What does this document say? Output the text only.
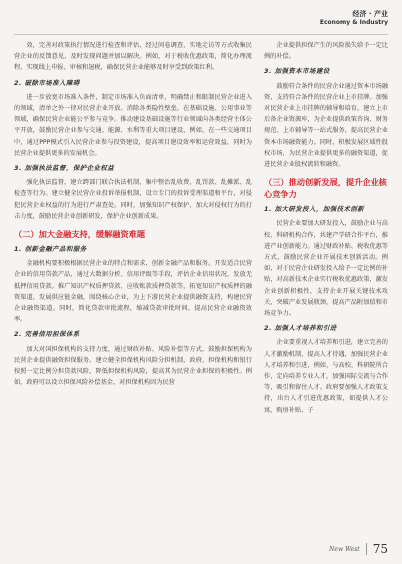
经济 · 产业
Economy & Industry

效，完善对政策执行情况进行检查和评估，经过问卷调查、实地走访等方式收集民营企业的反馈意见，及时发现问题并加以解决。例如，对于税收优惠政策，简化办理流程，实现线上申报、审核和退税，确保民营企业能够及时享受到政策红利。

2. 破除市场准入障碍

进一步放宽市场准入条件，制定市场准入负面清单，明确禁止和限制民营企业进入的领域，清单之外一律对民营企业开放。消除各类隐性壁垒，在基础设施、公用事业等领域，确保民营企业能公平参与竞争。推动建设基础设施等行业领域向各类经营主体公平开放，鼓励民营企业参与交通、能源、水利等重大项目建设，例如，在一些交通项目中，通过PPP模式引入民营企业参与投资建设，提高项目建设效率和运营效益，同时为民营企业提供更多的发展机会。

3. 加强执法监督，保护企业权益

强化执法监督，建立跨部门联合执法机制，集中整治乱收费、乱罚款、乱摊派、乱检查等行为。建立健全民营企业投诉举报机制，设立专门的投诉受理渠道和平台，对侵犯民营企业权益的行为进行严肃查处。同时，加强知识产权保护，加大对侵权行为的打击力度，鼓励民营企业创新研发，保护企业创新成果。

（二）加大金融支持，缓解融资难题
1. 创新金融产品和服务

金融机构要积极根据民营企业的特点和需求，创新金融产品和服务。开发适合民营企业的信用贷款产品，通过大数据分析、信用评级等手段，评估企业信用状况，发放无抵押信用贷款。推广知识产权质押贷款、应收账款质押贷款等，拓宽知识产权质押的融资渠道，发展供应链金融，围绕核心企业，为上下游民营企业提供融资支持，构建民营企业融资渠道。同时，简化贷款审批流程，缩减贷款审批时间，提高民营企业融资效率。

2. 完善信用担保体系

加大对国担保机构的支持力度，通过财政补贴、风险补偿等方式，鼓励担保机构为民营企业提供融资担保服务。建立健全担保机构风险分担机制，政府、担保机构和银行按照一定比例分担贷款风险，降低担保机构风险，提高其为民营企业担保的积极性。例如，政府可以设立担保风险补偿基金，对担保机构因为民营

企业提供担保产生的风险损失给予一定比例的补偿。

3. 加强资本市场建设

鼓励符合条件的民营企业通过资本市场融资，支持符合条件的民营企业上市挂牌。加强对民营企业上市挂牌的辅导和培育，建立上市后备企业资源库，为企业提供政策咨询、财务规范、上市辅导等一站式服务，提高民营企业资本市场融资能力。同时，积极发展区域性股权市场，为民营企业提供更多的融资渠道，促进民营企业股权流转和融资。

（三）推动创新发展，提升企业核心竞争力
1. 加大研发投入，加强技术创新

民营企业要加大研发投入，鼓励企业与高校、科研机构合作，共建产学研合作平台，推进产业创新能力。通过财政补贴、税收优惠等方式，鼓励民营企业开展技术创新活动。例如，对于民营企业研发投入给予一定比例的补贴，对高新技术企业实行税收优惠政策，激发企业创新积极性，支持企业开展关键技术攻关，突破产业发展瓶颈，提高产品附加值和市场竞争力。

2. 加强人才培养和引进

企业要重视人才培养和引进，建立完善的人才激励机制，提高人才待遇，加强民营企业人才培养和引进，例如，与高校、科研院所合作，定向培养专业人才，加强国际交流与合作等，吸引和留住人才。政府要加强人才政策支持，出台人才引进优惠政策，如提供人才公寓、购房补贴、子

New West 75
